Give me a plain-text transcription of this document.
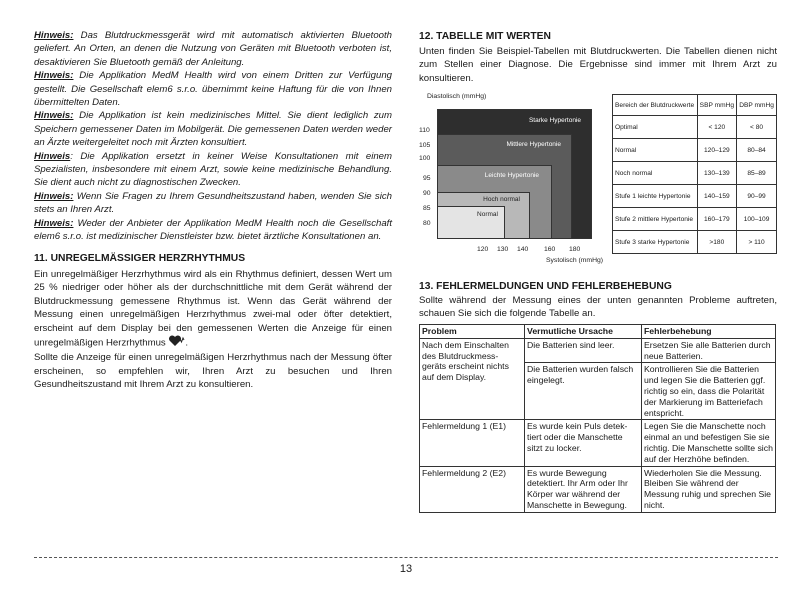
Hinweis: Das Blutdruckmessgerät wird mit automatisch aktivierten Bluetooth geliefert. An Orten, an denen die Nutzung von Geräten mit Bluetooth verboten ist, desaktivieren Sie Bluetooth gemäß der Anleitung.

Hinweis: Die Applikation MedM Health wird von einem Dritten zur Verfügung gestellt. Die Gesellschaft elem6 s.r.o. übernimmt keine Haftung für die von Ihnen übermittelten Daten.

Hinweis: Die Applikation ist kein medizinisches Mittel. Sie dient lediglich zum Speichern gemessener Daten im Mobilgerät. Die gemessenen Daten werden weder an Ärzte weitergeleitet noch mit Ärzten konsultiert.

Hinweis: Die Applikation ersetzt in keiner Weise Konsultationen mit einem Spezialisten, insbesondere mit einem Arzt, sowie keine medizinische Behandlung. Sie dient auch nicht zu diagnostischen Zwecken.

Hinweis: Wenn Sie Fragen zu Ihrem Gesundheitszustand haben, wenden Sie sich stets an Ihren Arzt.

Hinweis: Weder der Anbieter der Applikation MedM Health noch die Gesellschaft elem6 s.r.o. ist medizinischer Dienstleister bzw. bietet ärztliche Konsultationen an.

11. UNREGELMÄSSIGER HERZRHYTHMUS

Ein unregelmäßiger Herzrhythmus wird als ein Rhythmus definiert, dessen Wert um 25 % niedriger oder höher als der durchschnittliche mit dem Gerät während der Blutdruckmessung gemessene Rhythmus ist. Wenn das Gerät während der Messung einen unregelmäßigen Herzrhythmus zwei-mal oder öfter detektiert, erscheint auf dem Display bei den gemessenen Werten die Anzeige für einen unregelmäßigen Herzrhythmus .

Sollte die Anzeige für einen unregelmäßigen Herzrhythmus nach der Messung öfter erscheinen, so empfehlen wir, Ihren Arzt zu besuchen und Ihren Gesundheitszustand mit Ihrem Arzt zu konsultieren.

12. TABELLE MIT WERTEN

Unten finden Sie Beispiel-Tabellen mit Blutdruckwerten. Die Tabellen dienen nicht zum Stellen einer Diagnose. Die Ergebnisse sind immer mit Ihrem Arzt zu konsultieren.

Diastolisch (mmHg)
Starke Hypertonie
Mittlere Hypertonie
Leichte Hypertonie
Hoch normal
Normal
110
105
100
95
90
85
80
120 130 140 160 180
Systolisch (mmHg)
Bereich der Blutdruckwerte	SBP mmHg	DBP mmHg
Optimal	< 120	< 80
Normal	120–129	80–84
Noch normal	130–139	85–89
Stufe 1 leichte Hypertonie	140–159	90–99
Stufe 2 mittlere Hypertonie	160–179	100–109
Stufe 3 starke Hypertonie	>180	> 110
13. FEHLERMELDUNGEN UND FEHLERBEHEBUNG

Sollte während der Messung eines der unten genannten Probleme auftreten, schauen Sie sich die folgende Tabelle an.

Problem	Vermutliche Ursache	Fehlerbehebung
Nach dem Einschalten des Blutdruckmess-geräts erscheint nichts auf dem Display.	Die Batterien sind leer.	Ersetzen Sie alle Batterien durch neue Batterien.
	Die Batterien wurden falsch eingelegt.	Kontrollieren Sie die Batterien und legen Sie die Batterien ggf. richtig so ein, dass die Polarität der Markierung im Batteriefach entspricht.
Fehlermeldung 1 (E1)	Es wurde kein Puls detek-tiert oder die Manschette sitzt zu locker.	Legen Sie die Manschette noch einmal an und befestigen Sie sie richtig. Die Manschette sollte sich auf der Herzhöhe befinden.
Fehlermeldung 2 (E2)	Es wurde Bewegung detektiert. Ihr Arm oder Ihr Körper war während der Manschette in Bewegung.	Wiederholen Sie die Messung. Bleiben Sie während der Messung ruhig und sprechen Sie nicht.
13
